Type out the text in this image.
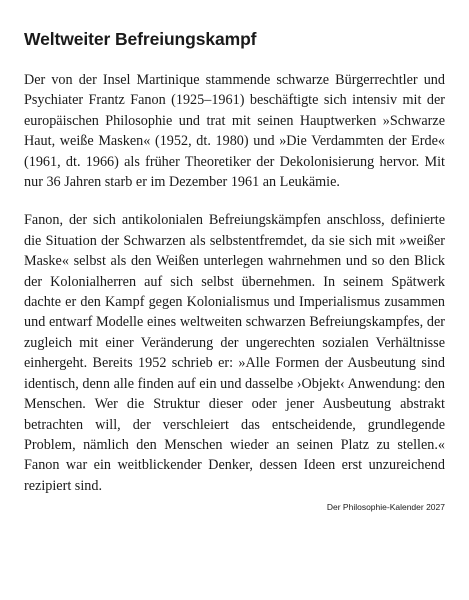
Weltweiter Befreiungskampf

Der von der Insel Martinique stammende schwarze Bürgerrechtler und Psychiater Frantz Fanon (1925–1961) beschäftigte sich intensiv mit der europäischen Philosophie und trat mit seinen Hauptwerken »Schwarze Haut, weiße Masken« (1952, dt. 1980) und »Die Verdammten der Erde« (1961, dt. 1966) als früher Theoretiker der Dekolonisierung hervor. Mit nur 36 Jahren starb er im Dezember 1961 an Leukämie.

Fanon, der sich antikolonialen Befreiungskämpfen anschloss, definierte die Situation der Schwarzen als selbstentfremdet, da sie sich mit »weißer Maske« selbst als den Weißen unterlegen wahrnehmen und so den Blick der Kolonialherren auf sich selbst übernehmen. In seinem Spätwerk dachte er den Kampf gegen Kolonialismus und Imperialismus zusammen und entwarf Modelle eines weltweiten schwarzen Befreiungskampfes, der zugleich mit einer Veränderung der ungerechten sozialen Verhältnisse einhergeht. Bereits 1952 schrieb er: »Alle Formen der Ausbeutung sind identisch, denn alle finden auf ein und dasselbe ›Objekt‹ Anwendung: den Menschen. Wer die Struktur dieser oder jener Ausbeutung abstrakt betrachten will, der verschleiert das entscheidende, grundlegende Problem, nämlich den Menschen wieder an seinen Platz zu stellen.« Fanon war ein weitblickender Denker, dessen Ideen erst unzureichend rezipiert sind.

Der Philosophie-Kalender 2027
